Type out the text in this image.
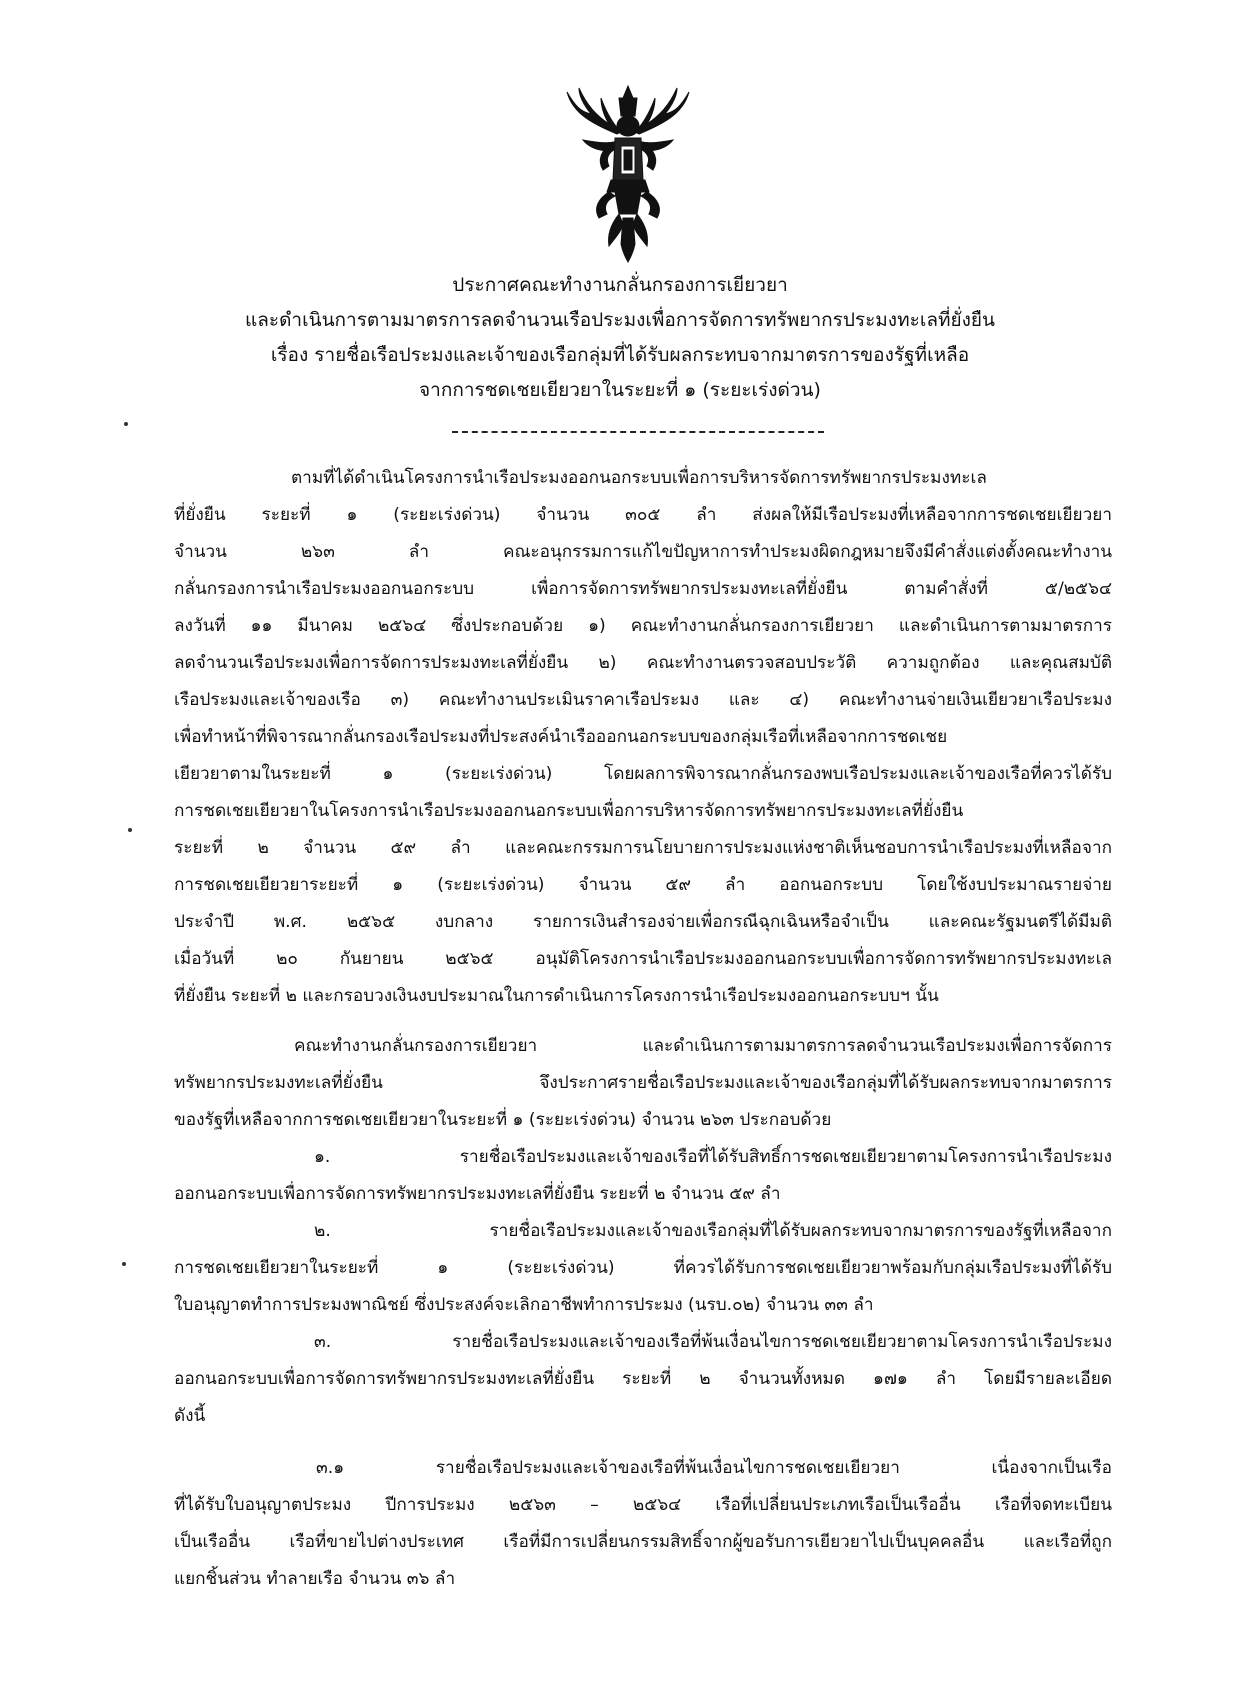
ประกาศคณะทำงานกลั่นกรองการเยียวยา
และดำเนินการตามมาตรการลดจำนวนเรือประมงเพื่อการจัดการทรัพยากรประมงทะเลที่ยั่งยืน
เรื่อง รายชื่อเรือประมงและเจ้าของเรือกลุ่มที่ได้รับผลกระทบจากมาตรการของรัฐที่เหลือ
จากการชดเชยเยียวยาในระยะที่ ๑ (ระยะเร่งด่วน)
ตามที่ได้ดำเนินโครงการนำเรือประมงออกนอกระบบเพื่อการบริหารจัดการทรัพยากรประมงทะเล
ที่ยั่งยืน ระยะที่ ๑ (ระยะเร่งด่วน) จำนวน ๓๐๕ ลำ ส่งผลให้มีเรือประมงที่เหลือจากการชดเชยเยียวยา
จำนวน ๒๖๓ ลำ คณะอนุกรรมการแก้ไขปัญหาการทำประมงผิดกฎหมายจึงมีคำสั่งแต่งตั้งคณะทำงาน
กลั่นกรองการนำเรือประมงออกนอกระบบ เพื่อการจัดการทรัพยากรประมงทะเลที่ยั่งยืน ตามคำสั่งที่ ๕/๒๕๖๔
ลงวันที่ ๑๑ มีนาคม ๒๕๖๔ ซึ่งประกอบด้วย ๑) คณะทำงานกลั่นกรองการเยียวยา และดำเนินการตามมาตรการ
ลดจำนวนเรือประมงเพื่อการจัดการประมงทะเลที่ยั่งยืน ๒) คณะทำงานตรวจสอบประวัติ ความถูกต้อง และคุณสมบัติ
เรือประมงและเจ้าของเรือ ๓) คณะทำงานประเมินราคาเรือประมง และ ๔) คณะทำงานจ่ายเงินเยียวยาเรือประมง
เพื่อทำหน้าที่พิจารณากลั่นกรองเรือประมงที่ประสงค์นำเรือออกนอกระบบของกลุ่มเรือที่เหลือจากการชดเชย
เยียวยาตามในระยะที่ ๑ (ระยะเร่งด่วน) โดยผลการพิจารณากลั่นกรองพบเรือประมงและเจ้าของเรือที่ควรได้รับ
การชดเชยเยียวยาในโครงการนำเรือประมงออกนอกระบบเพื่อการบริหารจัดการทรัพยากรประมงทะเลที่ยั่งยืน
ระยะที่ ๒ จำนวน ๕๙ ลำ และคณะกรรมการนโยบายการประมงแห่งชาติเห็นชอบการนำเรือประมงที่เหลือจาก
การชดเชยเยียวยาระยะที่ ๑ (ระยะเร่งด่วน) จำนวน ๕๙ ลำ ออกนอกระบบ โดยใช้งบประมาณรายจ่าย
ประจำปี พ.ศ. ๒๕๖๕ งบกลาง รายการเงินสำรองจ่ายเพื่อกรณีฉุกเฉินหรือจำเป็น และคณะรัฐมนตรีได้มีมติ
เมื่อวันที่ ๒๐ กันยายน ๒๕๖๕ อนุมัติโครงการนำเรือประมงออกนอกระบบเพื่อการจัดการทรัพยากรประมงทะเล
ที่ยั่งยืน ระยะที่ ๒ และกรอบวงเงินงบประมาณในการดำเนินการโครงการนำเรือประมงออกนอกระบบฯ นั้น
คณะทำงานกลั่นกรองการเยียวยา และดำเนินการตามมาตรการลดจำนวนเรือประมงเพื่อการจัดการ
ทรัพยากรประมงทะเลที่ยั่งยืน จึงประกาศรายชื่อเรือประมงและเจ้าของเรือกลุ่มที่ได้รับผลกระทบจากมาตรการ
ของรัฐที่เหลือจากการชดเชยเยียวยาในระยะที่ ๑ (ระยะเร่งด่วน) จำนวน ๒๖๓ ประกอบด้วย
๑. รายชื่อเรือประมงและเจ้าของเรือที่ได้รับสิทธิ์การชดเชยเยียวยาตามโครงการนำเรือประมง
ออกนอกระบบเพื่อการจัดการทรัพยากรประมงทะเลที่ยั่งยืน ระยะที่ ๒ จำนวน ๕๙ ลำ
๒. รายชื่อเรือประมงและเจ้าของเรือกลุ่มที่ได้รับผลกระทบจากมาตรการของรัฐที่เหลือจาก
การชดเชยเยียวยาในระยะที่ ๑ (ระยะเร่งด่วน) ที่ควรได้รับการชดเชยเยียวยาพร้อมกับกลุ่มเรือประมงที่ได้รับ
ใบอนุญาตทำการประมงพาณิชย์ ซึ่งประสงค์จะเลิกอาชีพทำการประมง (นรบ.๐๒) จำนวน ๓๓ ลำ
๓. รายชื่อเรือประมงและเจ้าของเรือที่พ้นเงื่อนไขการชดเชยเยียวยาตามโครงการนำเรือประมง
ออกนอกระบบเพื่อการจัดการทรัพยากรประมงทะเลที่ยั่งยืน ระยะที่ ๒ จำนวนทั้งหมด ๑๗๑ ลำ โดยมีรายละเอียด
ดังนี้
๓.๑ รายชื่อเรือประมงและเจ้าของเรือที่พ้นเงื่อนไขการชดเชยเยียวยา เนื่องจากเป็นเรือ
ที่ได้รับใบอนุญาตประมง ปีการประมง ๒๕๖๓ – ๒๕๖๔ เรือที่เปลี่ยนประเภทเรือเป็นเรืออื่น เรือที่จดทะเบียน
เป็นเรืออื่น เรือที่ขายไปต่างประเทศ เรือที่มีการเปลี่ยนกรรมสิทธิ์จากผู้ขอรับการเยียวยาไปเป็นบุคคลอื่น และเรือที่ถูก
แยกชิ้นส่วน ทำลายเรือ จำนวน ๓๖ ลำ
